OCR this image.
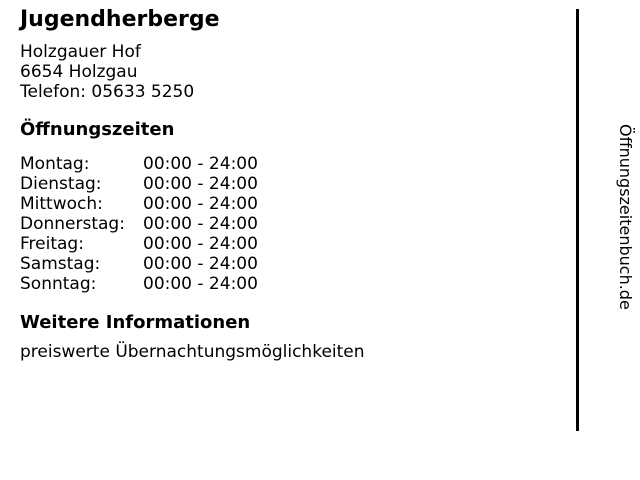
Jugendherberge
Holzgauer Hof
6654 Holzgau
Telefon: 05633 5250
Öffnungszeiten
Montag:	00:00 - 24:00
Dienstag: 00:00 - 24:00
Mittwoch: 00:00 - 24:00
Donnerstag: 00:00 - 24:00
Freitag:	00:00 - 24:00
Samstag:	00:00 - 24:00
Sonntag:	00:00 - 24:00
Weitere Informationen
preiswerte Übernachtungsmöglichkeiten
Öffnungszeitenbuch.de
